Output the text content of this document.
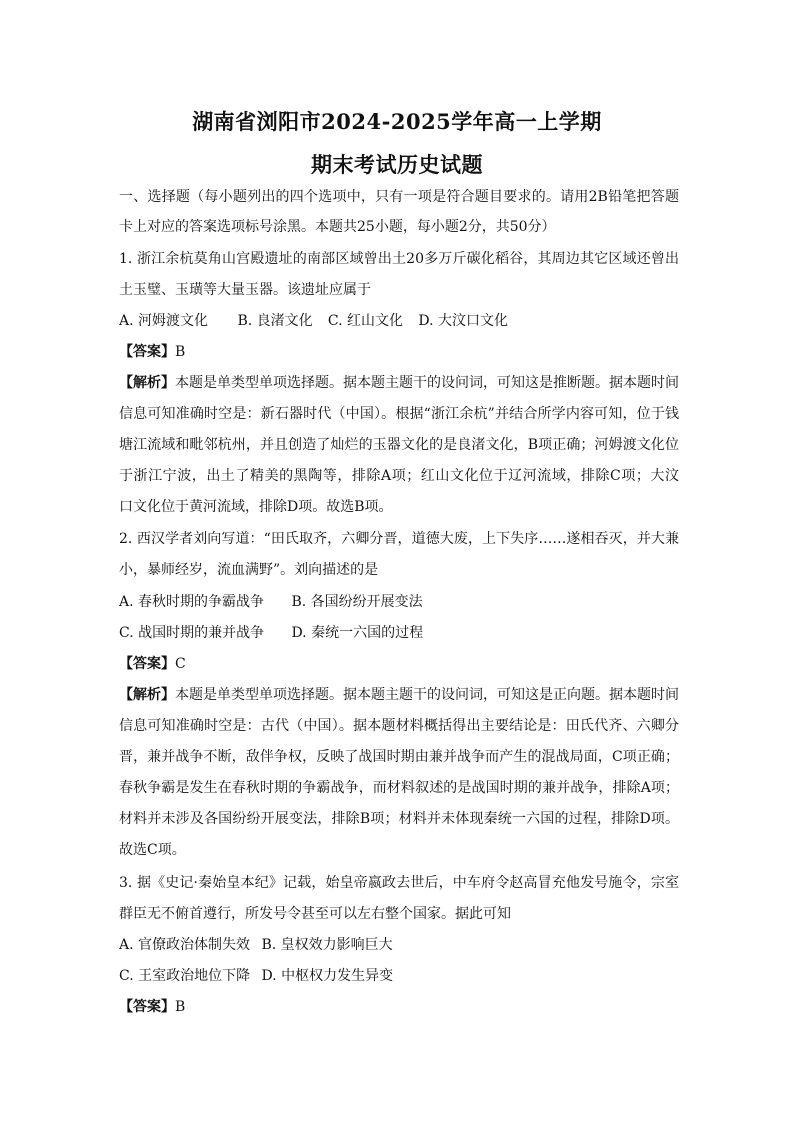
湖南省浏阳市2024-2025学年高一上学期
期末考试历史试题
一、选择题（每小题列出的四个选项中，只有一项是符合题目要求的。请用2B铅笔把答题
卡上对应的答案选项标号涂黑。本题共25小题，每小题2分，共50分）
1. 浙江余杭莫角山宫殿遗址的南部区域曾出土20多万斤碳化稻谷，其周边其它区域还曾出
土玉璧、玉璜等大量玉器。该遗址应属于
A. 河姆渡文化 B. 良渚文化 C. 红山文化 D. 大汶口文化
【答案】B
【解析】本题是单类型单项选择题。据本题主题干的设问词，可知这是推断题。据本题时间
信息可知准确时空是：新石器时代（中国）。根据“浙江余杭”并结合所学内容可知，位于钱
塘江流域和毗邻杭州，并且创造了灿烂的玉器文化的是良渚文化，B项正确；河姆渡文化位
于浙江宁波，出土了精美的黑陶等，排除A项；红山文化位于辽河流域，排除C项；大汶
口文化位于黄河流域，排除D项。故选B项。
2. 西汉学者刘向写道：“田氏取齐，六卿分晋，道德大废，上下失序……遂相吞灭，并大兼
小，暴师经岁，流血满野”。刘向描述的是
A. 春秋时期的争霸战争 B. 各国纷纷开展变法
C. 战国时期的兼并战争 D. 秦统一六国的过程
【答案】C
【解析】本题是单类型单项选择题。据本题主题干的设问词，可知这是正向题。据本题时间
信息可知准确时空是：古代（中国）。据本题材料概括得出主要结论是：田氏代齐、六卿分
晋，兼并战争不断，敌伴争权，反映了战国时期由兼并战争而产生的混战局面，C项正确；
春秋争霸是发生在春秋时期的争霸战争，而材料叙述的是战国时期的兼并战争，排除A项；
材料并未涉及各国纷纷开展变法，排除B项；材料并未体现秦统一六国的过程，排除D项。
故选C项。
3. 据《史记·秦始皇本纪》记载，始皇帝嬴政去世后，中车府令赵高冒充他发号施令，宗室
群臣无不俯首遵行，所发号令甚至可以左右整个国家。据此可知
A. 官僚政治体制失效 B. 皇权效力影响巨大
C. 王室政治地位下降 D. 中枢权力发生异变
【答案】B
